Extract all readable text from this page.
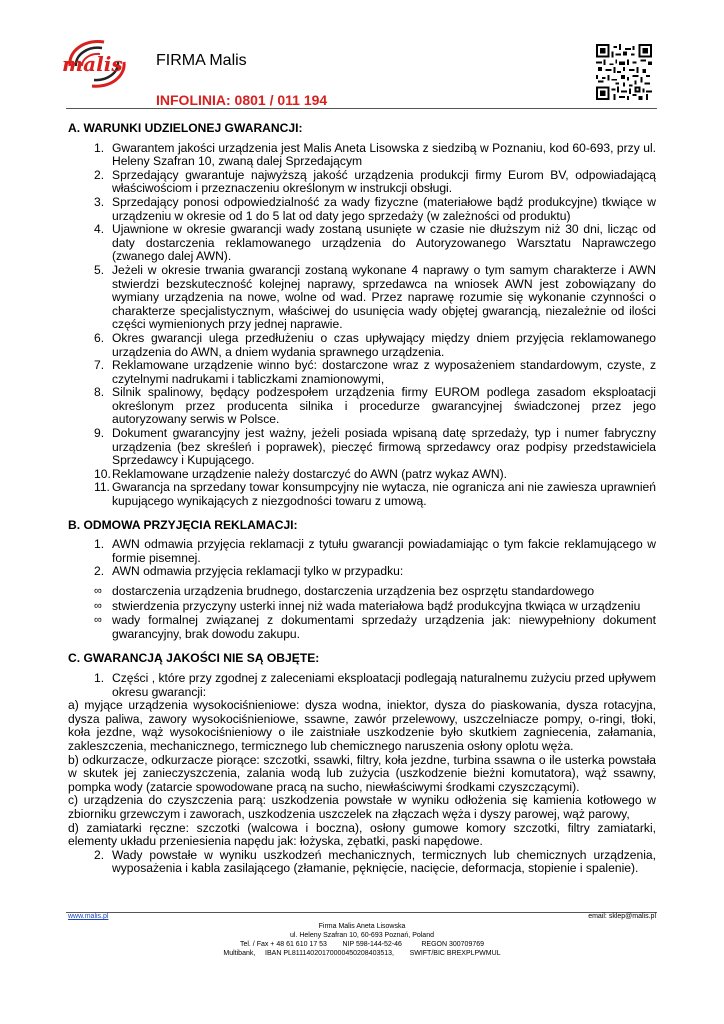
malis FIRMA Malis
INFOLINIA: 0801 / 011 194
A. WARUNKI UDZIELONEJ GWARANCJI:
1. Gwarantem jakości urządzenia jest Malis Aneta Lisowska z siedzibą w Poznaniu, kod 60-693, przy ul. Heleny Szafran 10, zwaną dalej Sprzedającym
2. Sprzedający gwarantuje najwyższą jakość urządzenia produkcji firmy Eurom BV, odpowiadającą właściwościom i przeznaczeniu określonym w instrukcji obsługi.
3. Sprzedający ponosi odpowiedzialność za wady fizyczne (materiałowe bądź produkcyjne) tkwiące w urządzeniu w okresie od 1 do 5 lat od daty jego sprzedaży (w zależności od produktu)
4. Ujawnione w okresie gwarancji wady zostaną usunięte w czasie nie dłuższym niż 30 dni, licząc od daty dostarczenia reklamowanego urządzenia do Autoryzowanego Warsztatu Naprawczego (zwanego dalej AWN).
5. Jeżeli w okresie trwania gwarancji zostaną wykonane 4 naprawy o tym samym charakterze i AWN stwierdzi bezskuteczność kolejnej naprawy, sprzedawca na wniosek AWN jest zobowiązany do wymiany urządzenia na nowe, wolne od wad. Przez naprawę rozumie się wykonanie czynności o charakterze specjalistycznym, właściwej do usunięcia wady objętej gwarancją, niezależnie od ilości części wymienionych przy jednej naprawie.
6. Okres gwarancji ulega przedłużeniu o czas upływający między dniem przyjęcia reklamowanego urządzenia do AWN, a dniem wydania sprawnego urządzenia.
7. Reklamowane urządzenie winno być: dostarczone wraz z wyposażeniem standardowym, czyste, z czytelnymi nadrukami i tabliczkami znamionowymi,
8. Silnik spalinowy, będący podzespołem urządzenia firmy EUROM podlega zasadom eksploatacji określonym przez producenta silnika i procedurze gwarancyjnej świadczonej przez jego autoryzowany serwis w Polsce.
9. Dokument gwarancyjny jest ważny, jeżeli posiada wpisaną datę sprzedaży, typ i numer fabryczny urządzenia (bez skreśleń i poprawek), pieczęć firmową sprzedawcy oraz podpisy przedstawiciela Sprzedawcy i Kupującego.
10. Reklamowane urządzenie należy dostarczyć do AWN (patrz wykaz AWN).
11. Gwarancja na sprzedany towar konsumpcyjny nie wytacza, nie ogranicza ani nie zawiesza uprawnień kupującego wynikających z niezgodności towaru z umową.
B. ODMOWA PRZYJĘCIA REKLAMACJI:
1. AWN odmawia przyjęcia reklamacji z tytułu gwarancji powiadamiając o tym fakcie reklamującego w formie pisemnej.
2. AWN odmawia przyjęcia reklamacji tylko w przypadku:
∞ dostarczenia urządzenia brudnego, dostarczenia urządzenia bez osprzętu standardowego
∞ stwierdzenia przyczyny usterki innej niż wada materiałowa bądź produkcyjna tkwiąca w urządzeniu
∞ wady formalnej związanej z dokumentami sprzedaży urządzenia jak: niewypełniony dokument gwarancyjny, brak dowodu zakupu.
C. GWARANCJĄ JAKOŚCI NIE SĄ OBJĘTE:
1. Części , które przy zgodnej z zaleceniami eksploatacji podlegają naturalnemu zużyciu przed upływem okresu gwarancji:
a) myjące urządzenia wysokociśnieniowe: dysza wodna, iniektor, dysza do piaskowania, dysza rotacyjna, dysza paliwa, zawory wysokociśnieniowe, ssawne, zawór przelewowy, uszczelniacze pompy, o-ringi, tłoki, koła jezdne, wąż wysokociśnieniowy o ile zaistniałe uszkodzenie było skutkiem zagniecenia, załamania, zakleszczenia, mechanicznego, termicznego lub chemicznego naruszenia osłony oplotu węża.
b) odkurzacze, odkurzacze piorące: szczotki, ssawki, filtry, koła jezdne, turbina ssawna o ile usterka powstała w skutek jej zanieczyszczenia, zalania wodą lub zużycia (uszkodzenie bieżni komutatora), wąż ssawny, pompka wody (zatarcie spowodowane pracą na sucho, niewłaściwymi środkami czyszczącymi).
c) urządzenia do czyszczenia parą: uszkodzenia powstałe w wyniku odłożenia się kamienia kotłowego w zbiorniku grzewczym i zaworach, uszkodzenia uszczelek na złączach węża i dyszy parowej, wąż parowy,
d) zamiatarki ręczne: szczotki (walcowa i boczna), osłony gumowe komory szczotki, filtry zamiatarki, elementy układu przeniesienia napędu jak: łożyska, zębatki, paski napędowe.
2. Wady powstałe w wyniku uszkodzeń mechanicznych, termicznych lub chemicznych urządzenia, wyposażenia i kabla zasilającego (złamanie, pęknięcie, nacięcie, deformacja, stopienie i spalenie).
www.malis.pl	email: sklep@malis.pl
Firma Malis Aneta Lisowska
ul. Heleny Szafran 10, 60-693 Poznań, Poland
Tel. / Fax + 48 61 610 17 53        NIP 598-144-52-46          REGON 300709769
Multibank,     IBAN PL81114020170000450208403513,        SWIFT/BIC BREXPLPWMUL
